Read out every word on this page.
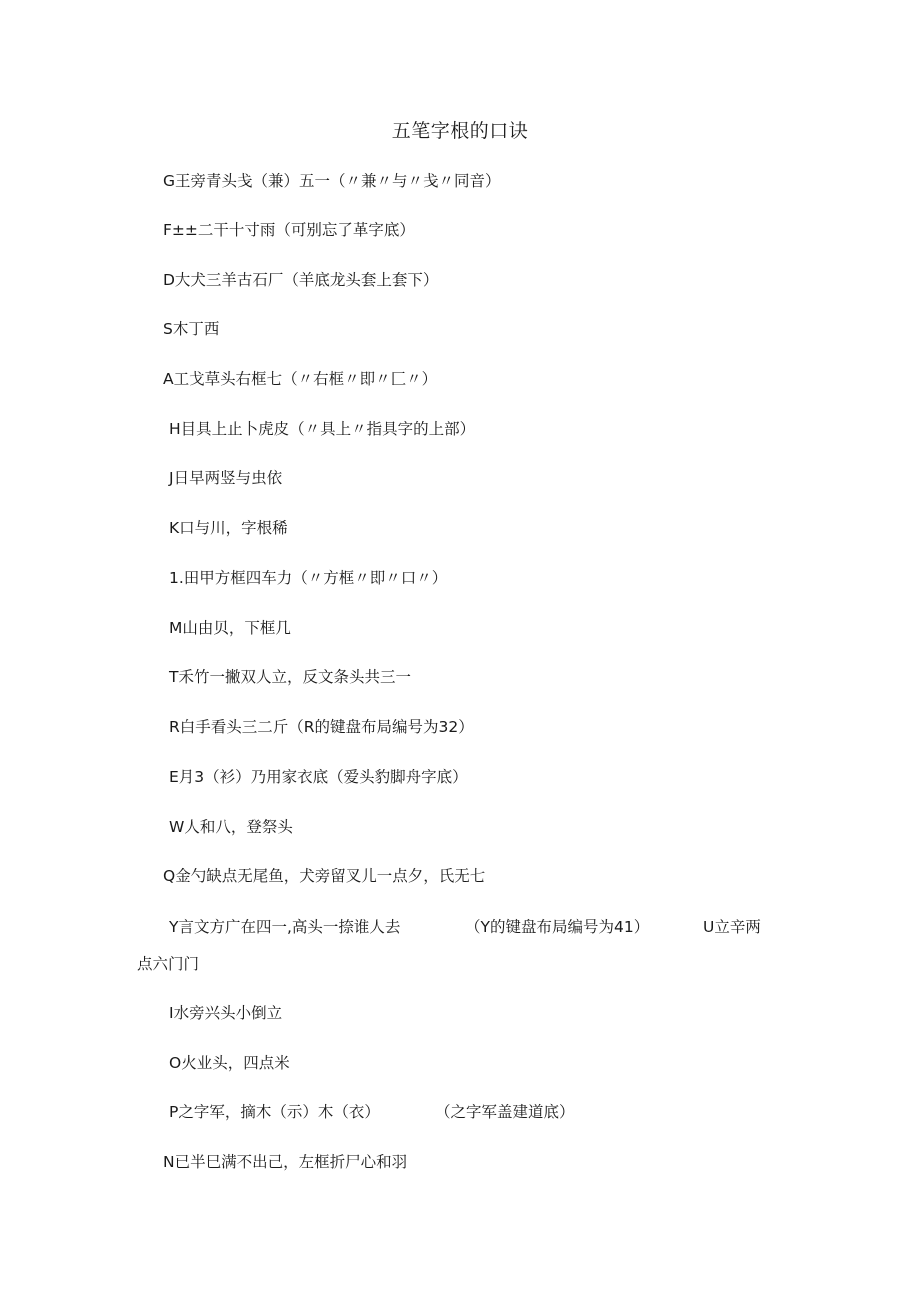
五笔字根的口诀
G王旁青头戋（兼）五一（〃兼〃与〃戋〃同音）
F±±二干十寸雨（可别忘了革字底）
D大犬三羊古石厂（羊底龙头套上套下）
S木丁西
A工戈草头右框七（〃右框〃即〃匚〃）
H目具上止卜虎皮（〃具上〃指具字的上部）
J日早两竖与虫依
K口与川，字根稀
1.田甲方框四车力（〃方框〃即〃口〃）
M山由贝，下框几
T禾竹一撇双人立，反文条头共三一
R白手看头三二斤（R的键盘布局编号为32）
E月3（衫）乃用家衣底（爱头豹脚舟字底）
W人和八，登祭头
Q金勺缺点无尾鱼，犬旁留叉儿一点夕，氏无七
Y言文方广在四一,高头一捺谁人去	（Y的键盘布局编号为41）	U立辛两
点六门门
I水旁兴头小倒立
O火业头，四点米
P之字军，摘木（示）木（衣）	（之字军盖建道底）
N已半巳满不出己，左框折尸心和羽
